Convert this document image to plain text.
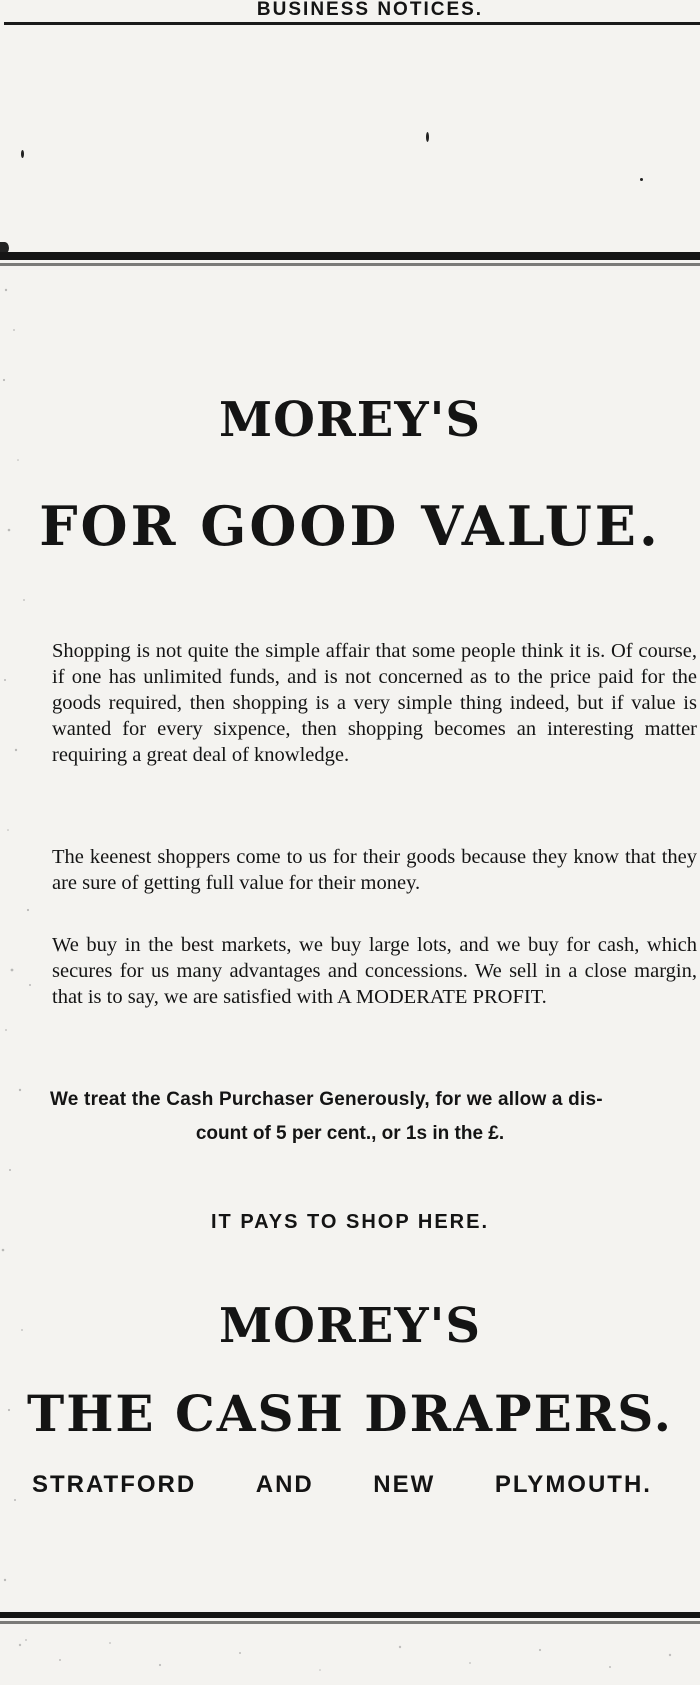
BUSINESS NOTICES.
MOREY'S
FOR GOOD VALUE.
Shopping is not quite the simple affair that some people think it is. Of course, if one has unlimited funds, and is not concerned as to the price paid for the goods required, then shopping is a very simple thing indeed, but if value is wanted for every sixpence, then shopping becomes an interesting matter requiring a great deal of knowledge.
The keenest shoppers come to us for their goods because they know that they are sure of getting full value for their money.
We buy in the best markets, we buy large lots, and we buy for cash, which secures for us many advantages and concessions. We sell in a close margin, that is to say, we are satisfied with A MODERATE PROFIT.
We treat the Cash Purchaser Generously, for we allow a dis-
count of 5 per cent., or 1s in the £.
IT PAYS TO SHOP HERE.
MOREY'S
THE CASH DRAPERS.
STRATFORD AND NEW PLYMOUTH.
